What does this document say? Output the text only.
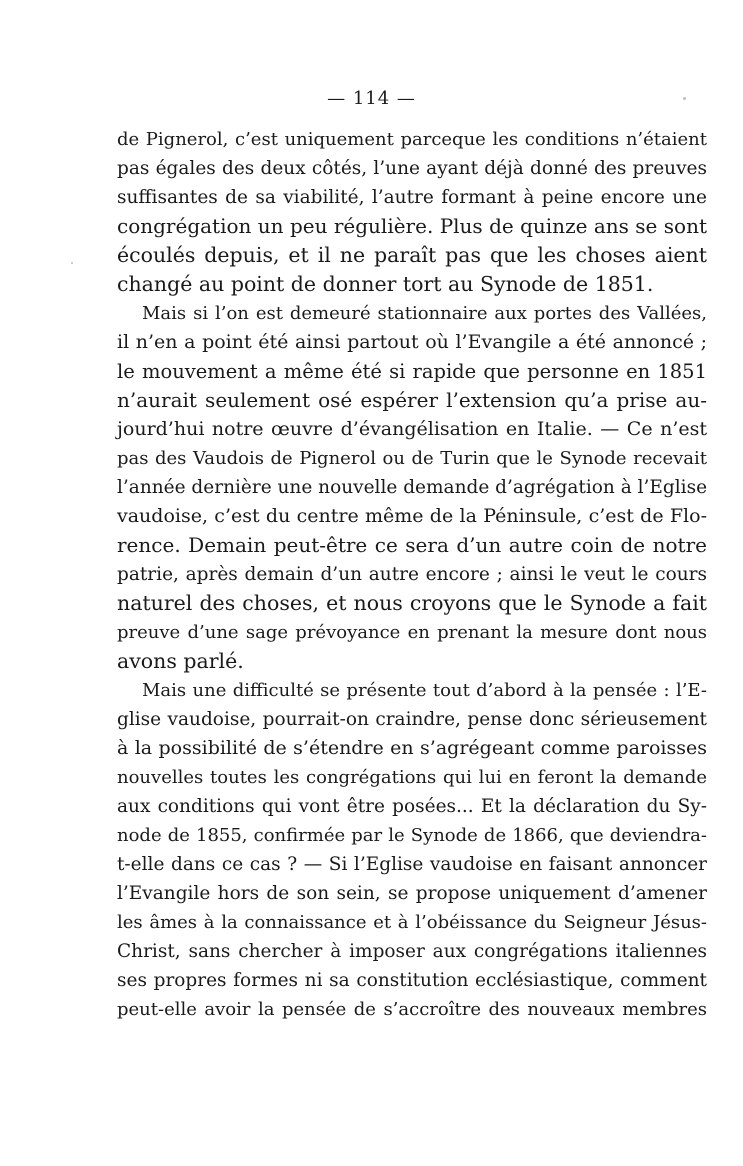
— 114 —
de Pignerol, c’est uniquement parceque les conditions n’étaient
pas égales des deux côtés, l’une ayant déjà donné des preuves
suffisantes de sa viabilité, l’autre formant à peine encore une
congrégation un peu régulière. Plus de quinze ans se sont
écoulés depuis, et il ne paraît pas que les choses aient
changé au point de donner tort au Synode de 1851.
Mais si l’on est demeuré stationnaire aux portes des Vallées,
il n’en a point été ainsi partout où l’Evangile a été annoncé ;
le mouvement a même été si rapide que personne en 1851
n’aurait seulement osé espérer l’extension qu’a prise au-
jourd’hui notre œuvre d’évangélisation en Italie. — Ce n’est
pas des Vaudois de Pignerol ou de Turin que le Synode recevait
l’année dernière une nouvelle demande d’agrégation à l’Eglise
vaudoise, c’est du centre même de la Péninsule, c’est de Flo-
rence. Demain peut-être ce sera d’un autre coin de notre
patrie, après demain d’un autre encore ; ainsi le veut le cours
naturel des choses, et nous croyons que le Synode a fait
preuve d’une sage prévoyance en prenant la mesure dont nous
avons parlé.
Mais une difficulté se présente tout d’abord à la pensée : l’E-
glise vaudoise, pourrait-on craindre, pense donc sérieusement
à la possibilité de s’étendre en s’agrégeant comme paroisses
nouvelles toutes les congrégations qui lui en feront la demande
aux conditions qui vont être posées... Et la déclaration du Sy-
node de 1855, confirmée par le Synode de 1866, que deviendra-
t-elle dans ce cas ? — Si l’Eglise vaudoise en faisant annoncer
l’Evangile hors de son sein, se propose uniquement d’amener
les âmes à la connaissance et à l’obéissance du Seigneur Jésus-
Christ, sans chercher à imposer aux congrégations italiennes
ses propres formes ni sa constitution ecclésiastique, comment
peut-elle avoir la pensée de s’accroître des nouveaux membres
